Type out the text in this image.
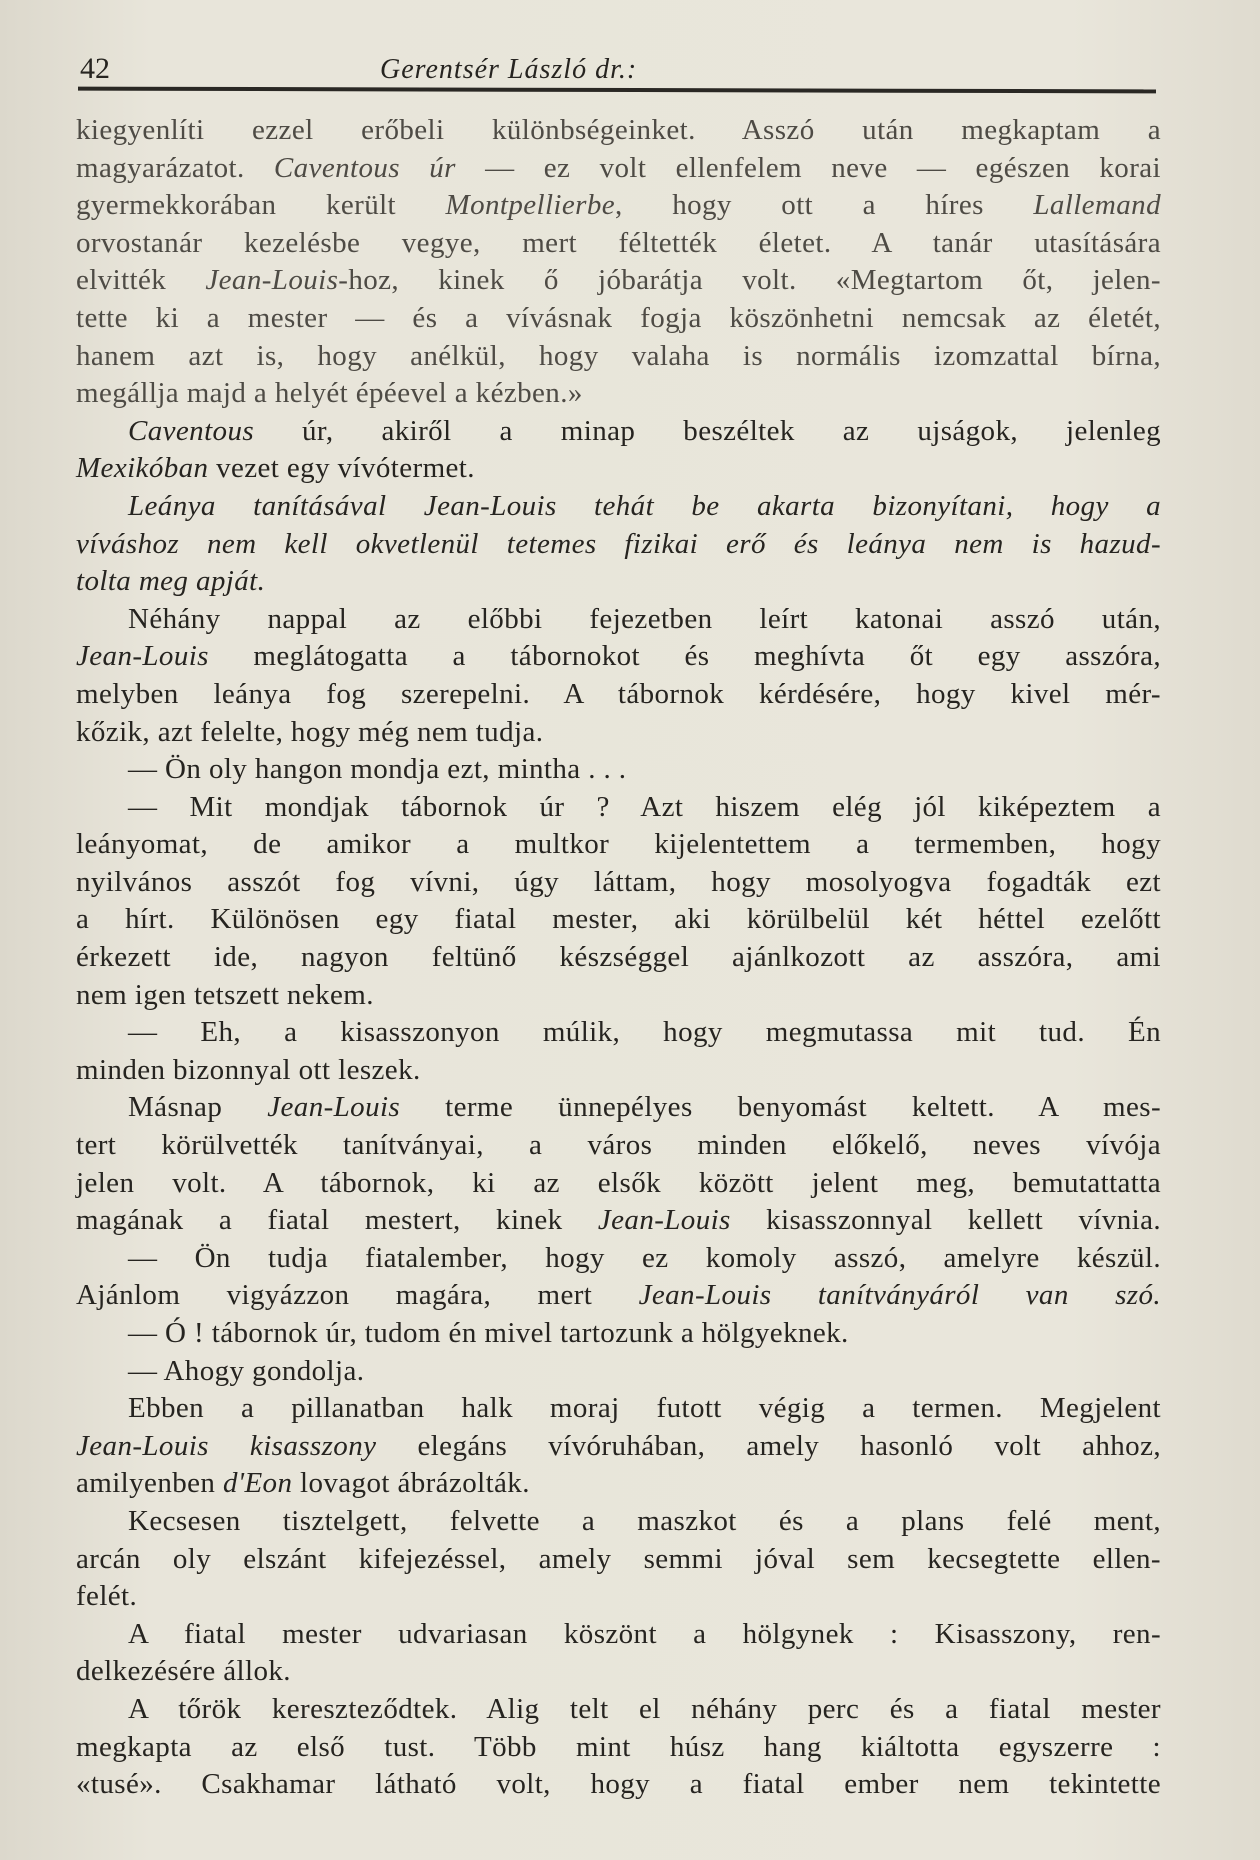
42	Gerentsér László dr.:
kiegyenlíti ezzel erőbeli különbségeinket. Asszó után megkaptam a
magyarázatot. Caventous úr — ez volt ellenfelem neve — egészen korai
gyermekkorában került Montpellierbe, hogy ott a híres Lallemand
orvostanár kezelésbe vegye, mert féltették életet. A tanár utasítására
elvitték Jean-Louis-hoz, kinek ő jóbarátja volt. «Megtartom őt, jelen-
tette ki a mester — és a vívásnak fogja köszönhetni nemcsak az életét,
hanem azt is, hogy anélkül, hogy valaha is normális izomzattal bírna,
megállja majd a helyét épéevel a kézben.»
Caventous úr, akiről a minap beszéltek az ujságok, jelenleg
Mexikóban vezet egy vívótermet.
Leánya tanításával Jean-Louis tehát be akarta bizonyítani, hogy a
víváshoz nem kell okvetlenül tetemes fizikai erő és leánya nem is hazud-
tolta meg apját.
Néhány nappal az előbbi fejezetben leírt katonai asszó után,
Jean-Louis meglátogatta a tábornokot és meghívta őt egy asszóra,
melyben leánya fog szerepelni. A tábornok kérdésére, hogy kivel mér-
kőzik, azt felelte, hogy még nem tudja.
— Ön oly hangon mondja ezt, mintha . . .
— Mit mondjak tábornok úr ? Azt hiszem elég jól kiképeztem a
leányomat, de amikor a multkor kijelentettem a termemben, hogy
nyilvános asszót fog vívni, úgy láttam, hogy mosolyogva fogadták ezt
a hírt. Különösen egy fiatal mester, aki körülbelül két héttel ezelőtt
érkezett ide, nagyon feltünő készséggel ajánlkozott az asszóra, ami
nem igen tetszett nekem.
— Eh, a kisasszonyon múlik, hogy megmutassa mit tud. Én
minden bizonnyal ott leszek.
Másnap Jean-Louis terme ünnepélyes benyomást keltett. A mes-
tert körülvették tanítványai, a város minden előkelő, neves vívója
jelen volt. A tábornok, ki az elsők között jelent meg, bemutattatta
magának a fiatal mestert, kinek Jean-Louis kisasszonnyal kellett vívnia.
— Ön tudja fiatalember, hogy ez komoly asszó, amelyre készül.
Ajánlom vigyázzon magára, mert Jean-Louis tanítványáról van szó.
— Ó ! tábornok úr, tudom én mivel tartozunk a hölgyeknek.
— Ahogy gondolja.
Ebben a pillanatban halk moraj futott végig a termen. Megjelent
Jean-Louis kisasszony elegáns vívóruhában, amely hasonló volt ahhoz,
amilyenben d'Eon lovagot ábrázolták.
Kecsesen tisztelgett, felvette a maszkot és a plans felé ment,
arcán oly elszánt kifejezéssel, amely semmi jóval sem kecsegtette ellen-
felét.
A fiatal mester udvariasan köszönt a hölgynek : Kisasszony, ren-
delkezésére állok.
A tőrök kereszteződtek. Alig telt el néhány perc és a fiatal mester
megkapta az első tust. Több mint húsz hang kiáltotta egyszerre :
«tusé». Csakhamar látható volt, hogy a fiatal ember nem tekintette
